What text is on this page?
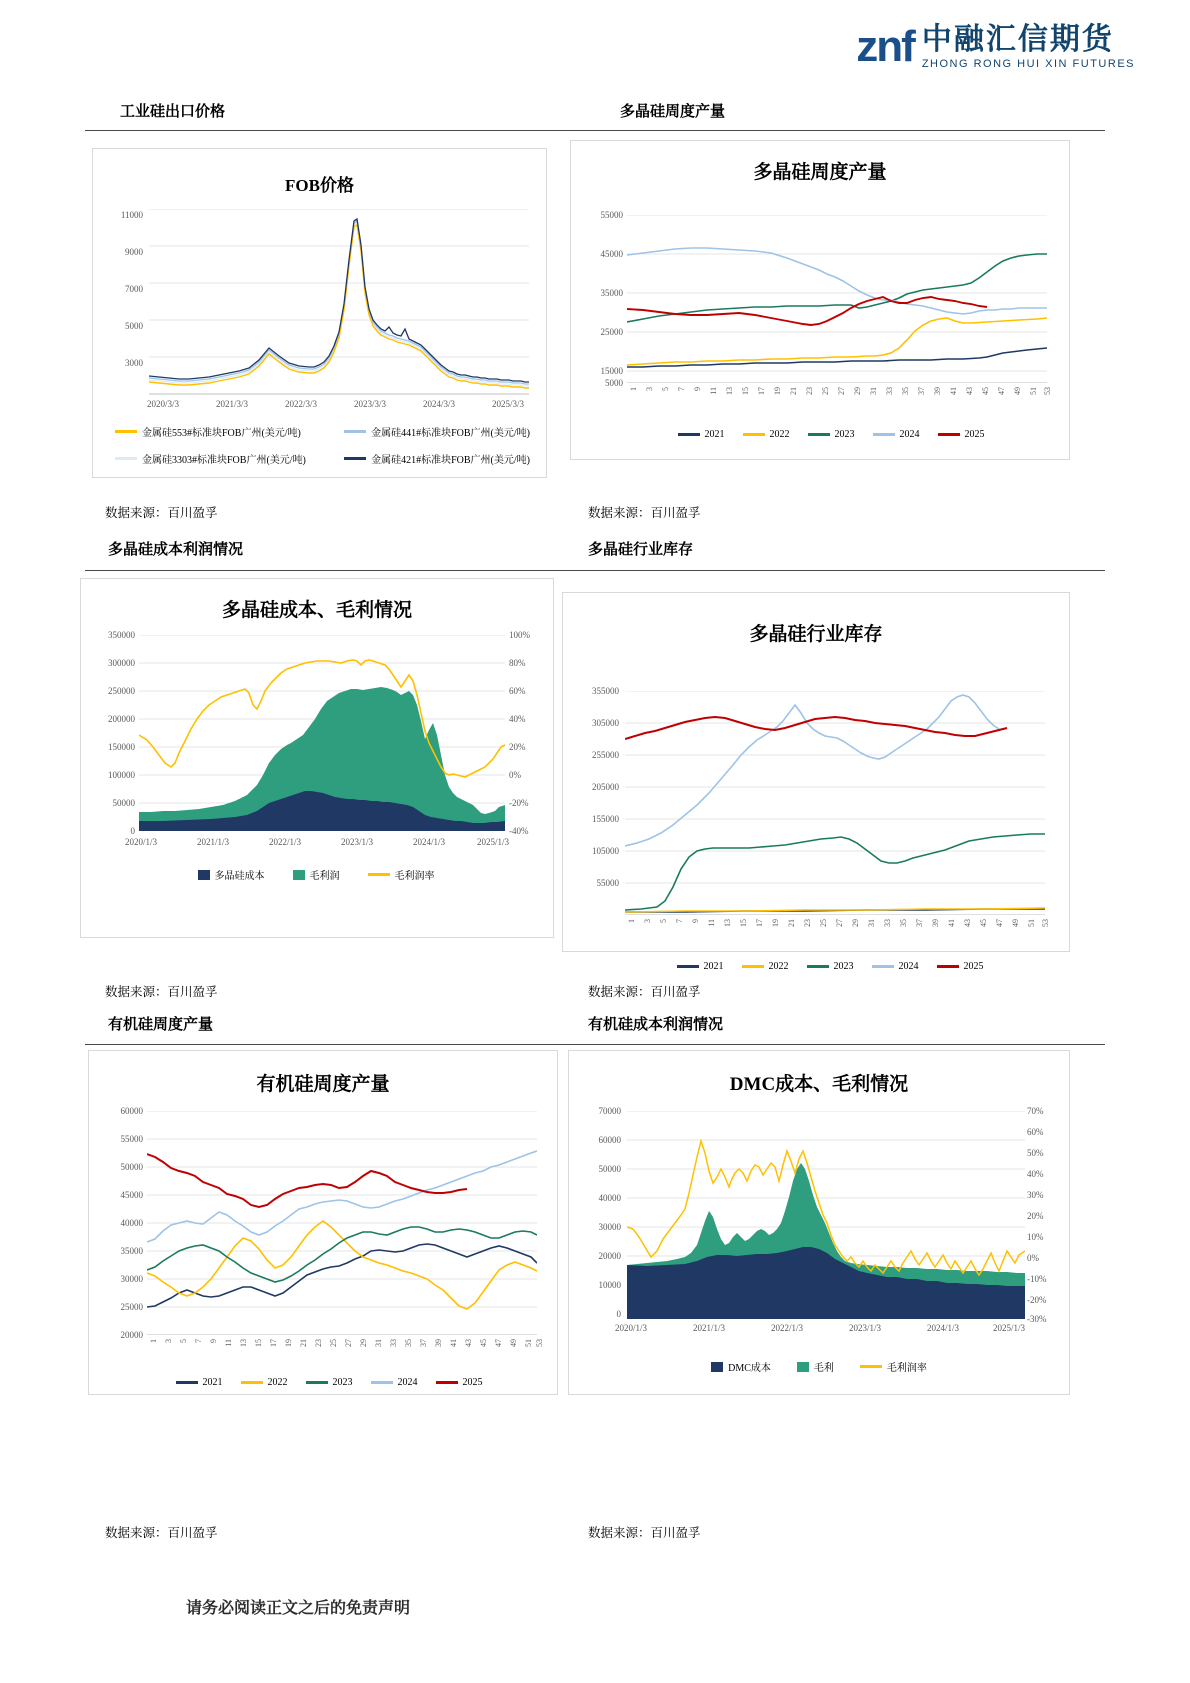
znf 中融汇信期货
ZHONG RONG HUI XIN FUTURES
工业硅出口价格	多晶硅周度产量
FOB价格
11000
9000
7000
5000
3000
2020/3/3	2021/3/3	2022/3/3	2023/3/3	2024/3/3	2025/3/3
金属硅553#标准块FOB广州(美元/吨)	金属硅441#标准块FOB广州(美元/吨)
金属硅3303#标准块FOB广州(美元/吨)	金属硅421#标准块FOB广州(美元/吨)
多晶硅周度产量
55000
45000
35000
25000
15000
5000
1 3 5 7 9 11 13 15 17 19 21 23 25 27 29 31 33 35 37 39 41 43 45 47 49 51 53
2021	2022	2023	2024	2025
数据来源：百川盈孚	数据来源：百川盈孚
多晶硅成本利润情况	多晶硅行业库存
多晶硅成本、毛利情况
350000
300000
250000
200000
150000
100000
50000
0
100%
80%
60%
40%
20%
0%
-20%
-40%
2020/1/3	2021/1/3	2022/1/3	2023/1/3	2024/1/3	2025/1/3
多晶硅成本	毛利润	毛利润率
多晶硅行业库存
355000
305000
255000
205000
155000
105000
55000
1 3 5 7 9 11 13 15 17 19 21 23 25 27 29 31 33 35 37 39 41 43 45 47 49 51 53
2021	2022	2023	2024	2025
数据来源：百川盈孚	数据来源：百川盈孚
有机硅周度产量	有机硅成本利润情况
有机硅周度产量
60000
55000
50000
45000
40000
35000
30000
25000
20000
1 3 5 7 9 11 13 15 17 19 21 23 25 27 29 31 33 35 37 39 41 43 45 47 49 51 53
2021	2022	2023	2024	2025
DMC成本、毛利情况
70000
60000
50000
40000
30000
20000
10000
0
70%
60%
50%
40%
30%
20%
10%
0%
-10%
-20%
-30%
2020/1/3	2021/1/3	2022/1/3	2023/1/3	2024/1/3	2025/1/3
DMC成本	毛利	毛利润率
数据来源：百川盈孚	数据来源：百川盈孚
请务必阅读正文之后的免责声明
